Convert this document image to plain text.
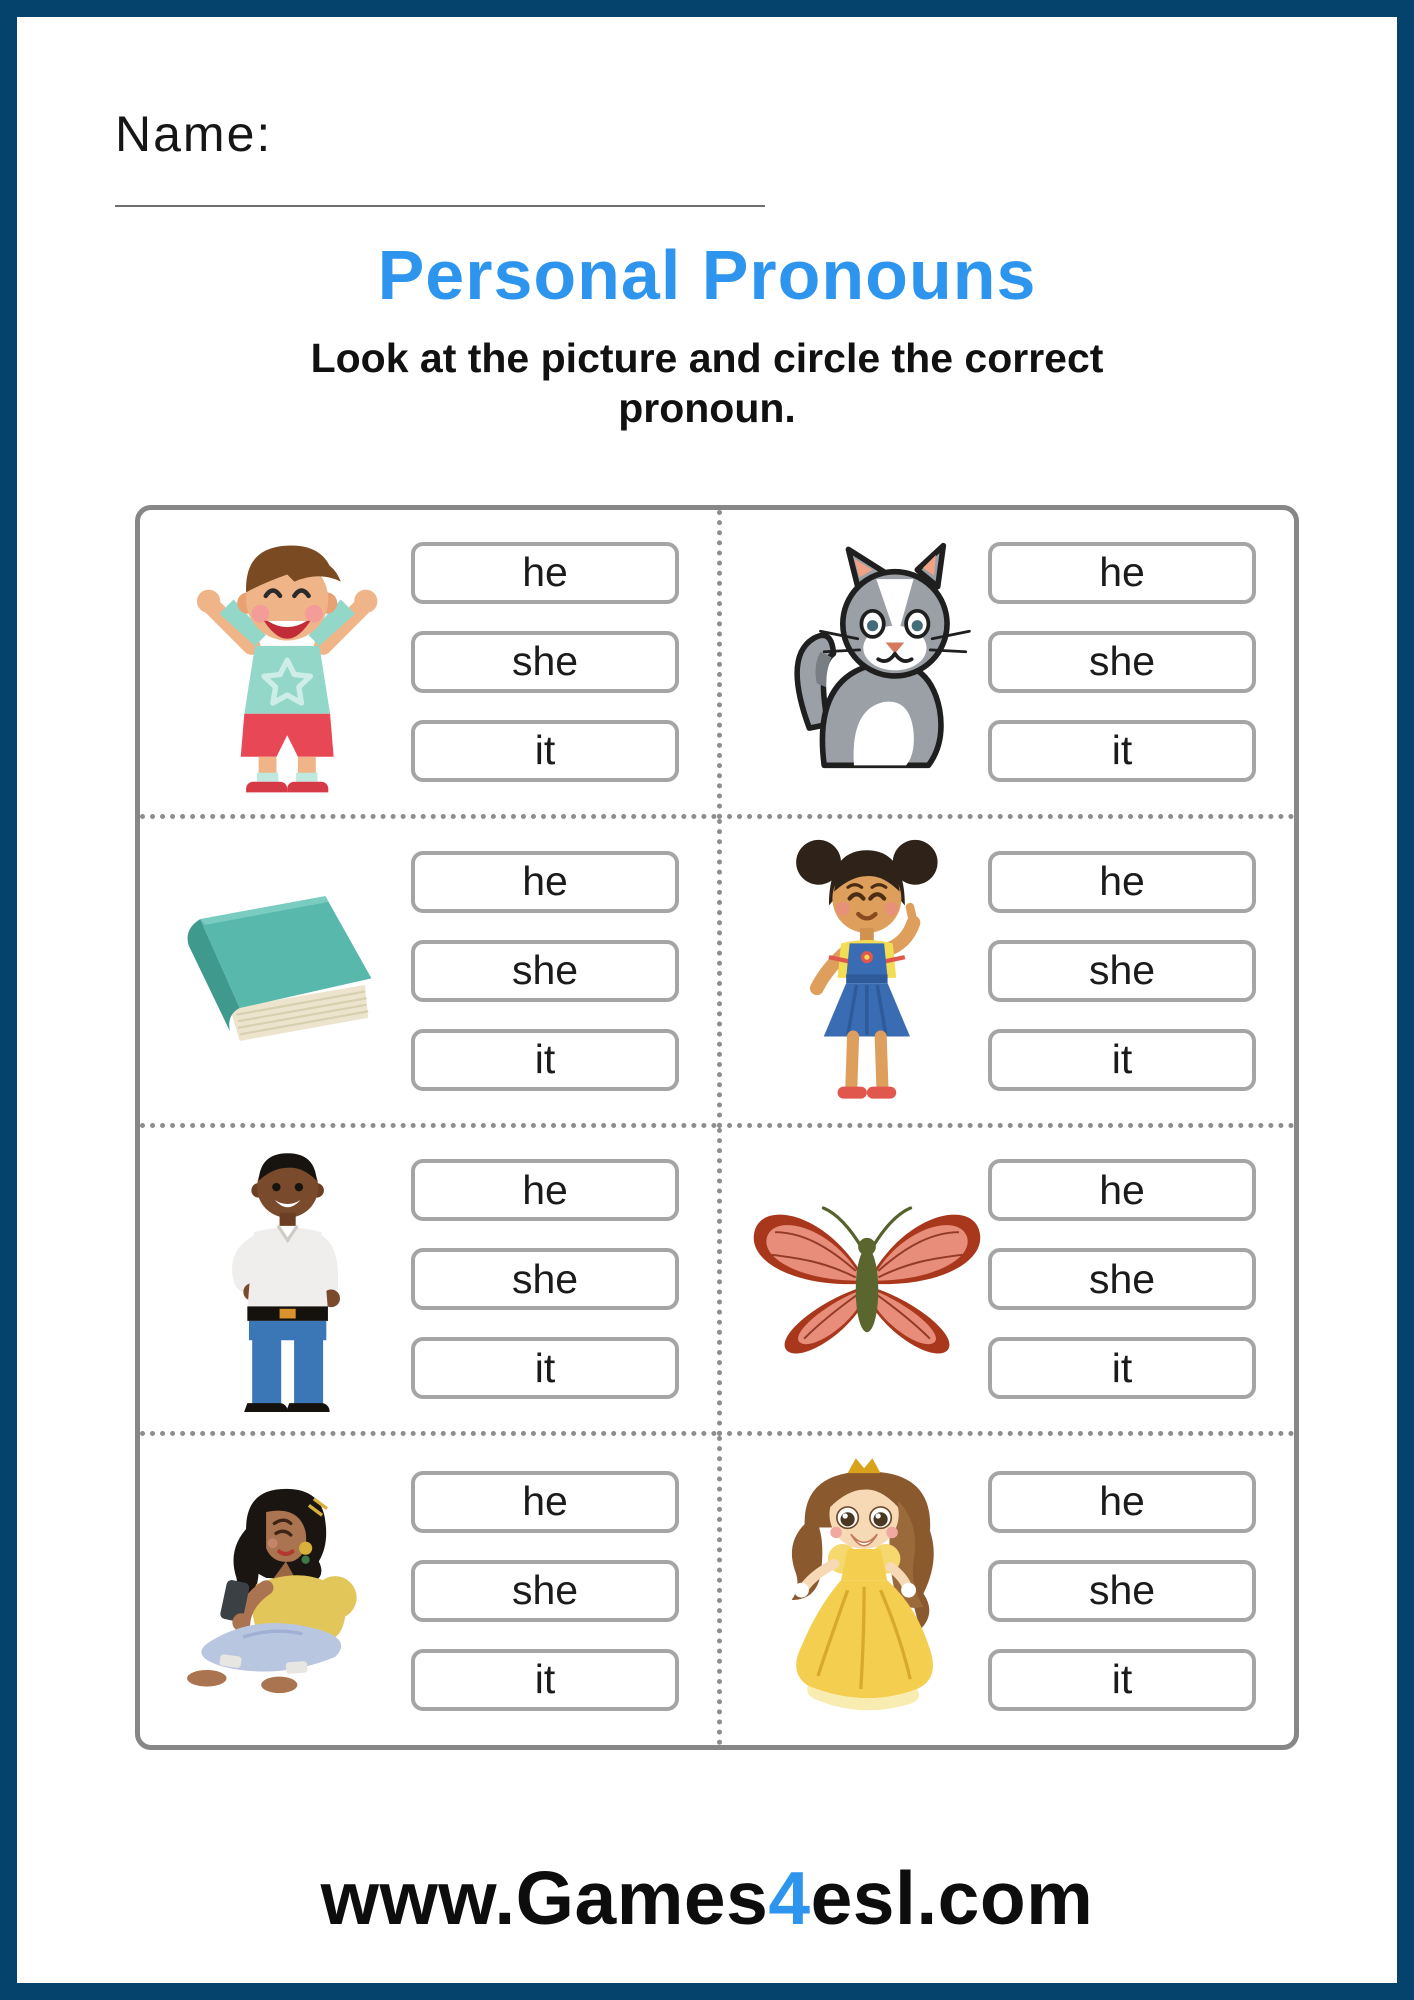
Name:
Personal Pronouns

Look at the picture and circle the correct
pronoun.

he
she
it
he
she
it
he
she
it
he
she
it
he
she
it
he
she
it
he
she
it
he
she
it
www.Games4esl.com
